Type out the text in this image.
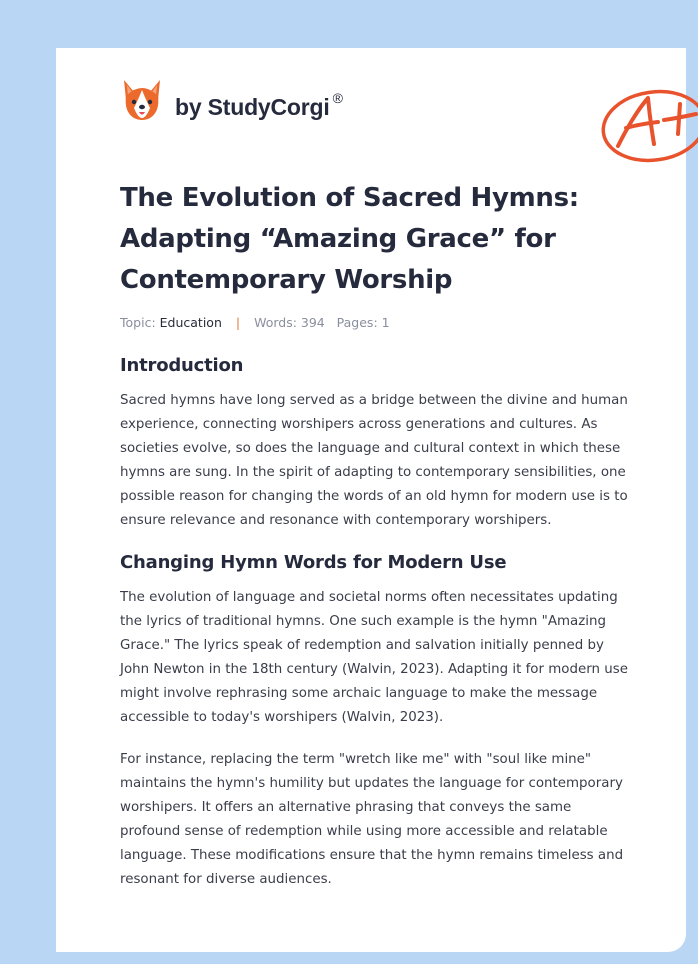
by StudyCorgi ®
The Evolution of Sacred Hymns: Adapting “Amazing Grace” for Contemporary Worship
Topic: Education | Words: 394 Pages: 1
Introduction

Sacred hymns have long served as a bridge between the divine and human experience, connecting worshipers across generations and cultures. As societies evolve, so does the language and cultural context in which these hymns are sung. In the spirit of adapting to contemporary sensibilities, one possible reason for changing the words of an old hymn for modern use is to ensure relevance and resonance with contemporary worshipers.

Changing Hymn Words for Modern Use

The evolution of language and societal norms often necessitates updating the lyrics of traditional hymns. One such example is the hymn "Amazing Grace." The lyrics speak of redemption and salvation initially penned by John Newton in the 18th century (Walvin, 2023). Adapting it for modern use might involve rephrasing some archaic language to make the message accessible to today's worshipers (Walvin, 2023).

For instance, replacing the term "wretch like me" with "soul like mine" maintains the hymn's humility but updates the language for contemporary worshipers. It offers an alternative phrasing that conveys the same profound sense of redemption while using more accessible and relatable language. These modifications ensure that the hymn remains timeless and resonant for diverse audiences.
